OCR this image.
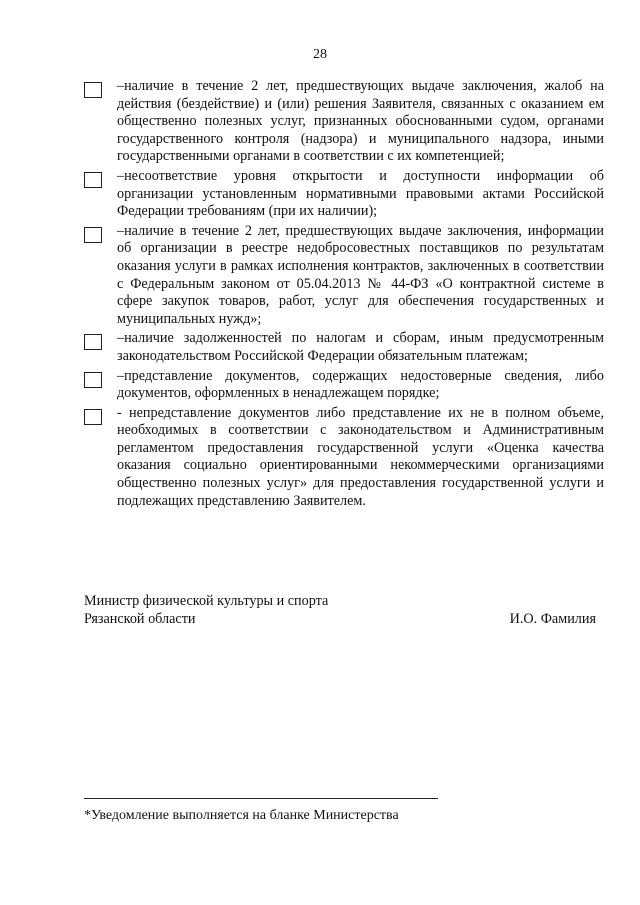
28
–наличие в течение 2 лет, предшествующих выдаче заключения, жалоб на действия (бездействие) и (или) решения Заявителя, связанных с оказанием ем общественно полезных услуг, признанных обоснованными судом, органами государственного контроля (надзора) и муниципального надзора, иными государственными органами в соответствии с их компетенцией;
–несоответствие уровня открытости и доступности информации об организации установленным нормативными правовыми актами Российской Федерации требованиям (при их наличии);
–наличие в течение 2 лет, предшествующих выдаче заключения, информации об организации в реестре недобросовестных поставщиков по результатам оказания услуги в рамках исполнения контрактов, заключенных в соответствии с Федеральным законом от 05.04.2013 № 44-ФЗ «О контрактной системе в сфере закупок товаров, работ, услуг для обеспечения государственных и муниципальных нужд»;
–наличие задолженностей по налогам и сборам, иным предусмотренным законодательством Российской Федерации обязательным платежам;
–представление документов, содержащих недостоверные сведения, либо документов, оформленных в ненадлежащем порядке;
- непредставление документов либо представление их не в полном объеме, необходимых в соответствии с законодательством и Административным регламентом предоставления государственной услуги «Оценка качества оказания социально ориентированными некоммерческими организациями общественно полезных услуг» для предоставления государственной услуги и подлежащих представлению Заявителем.
Министр физической культуры и спорта
Рязанской области	И.О. Фамилия
*Уведомление выполняется на бланке Министерства
